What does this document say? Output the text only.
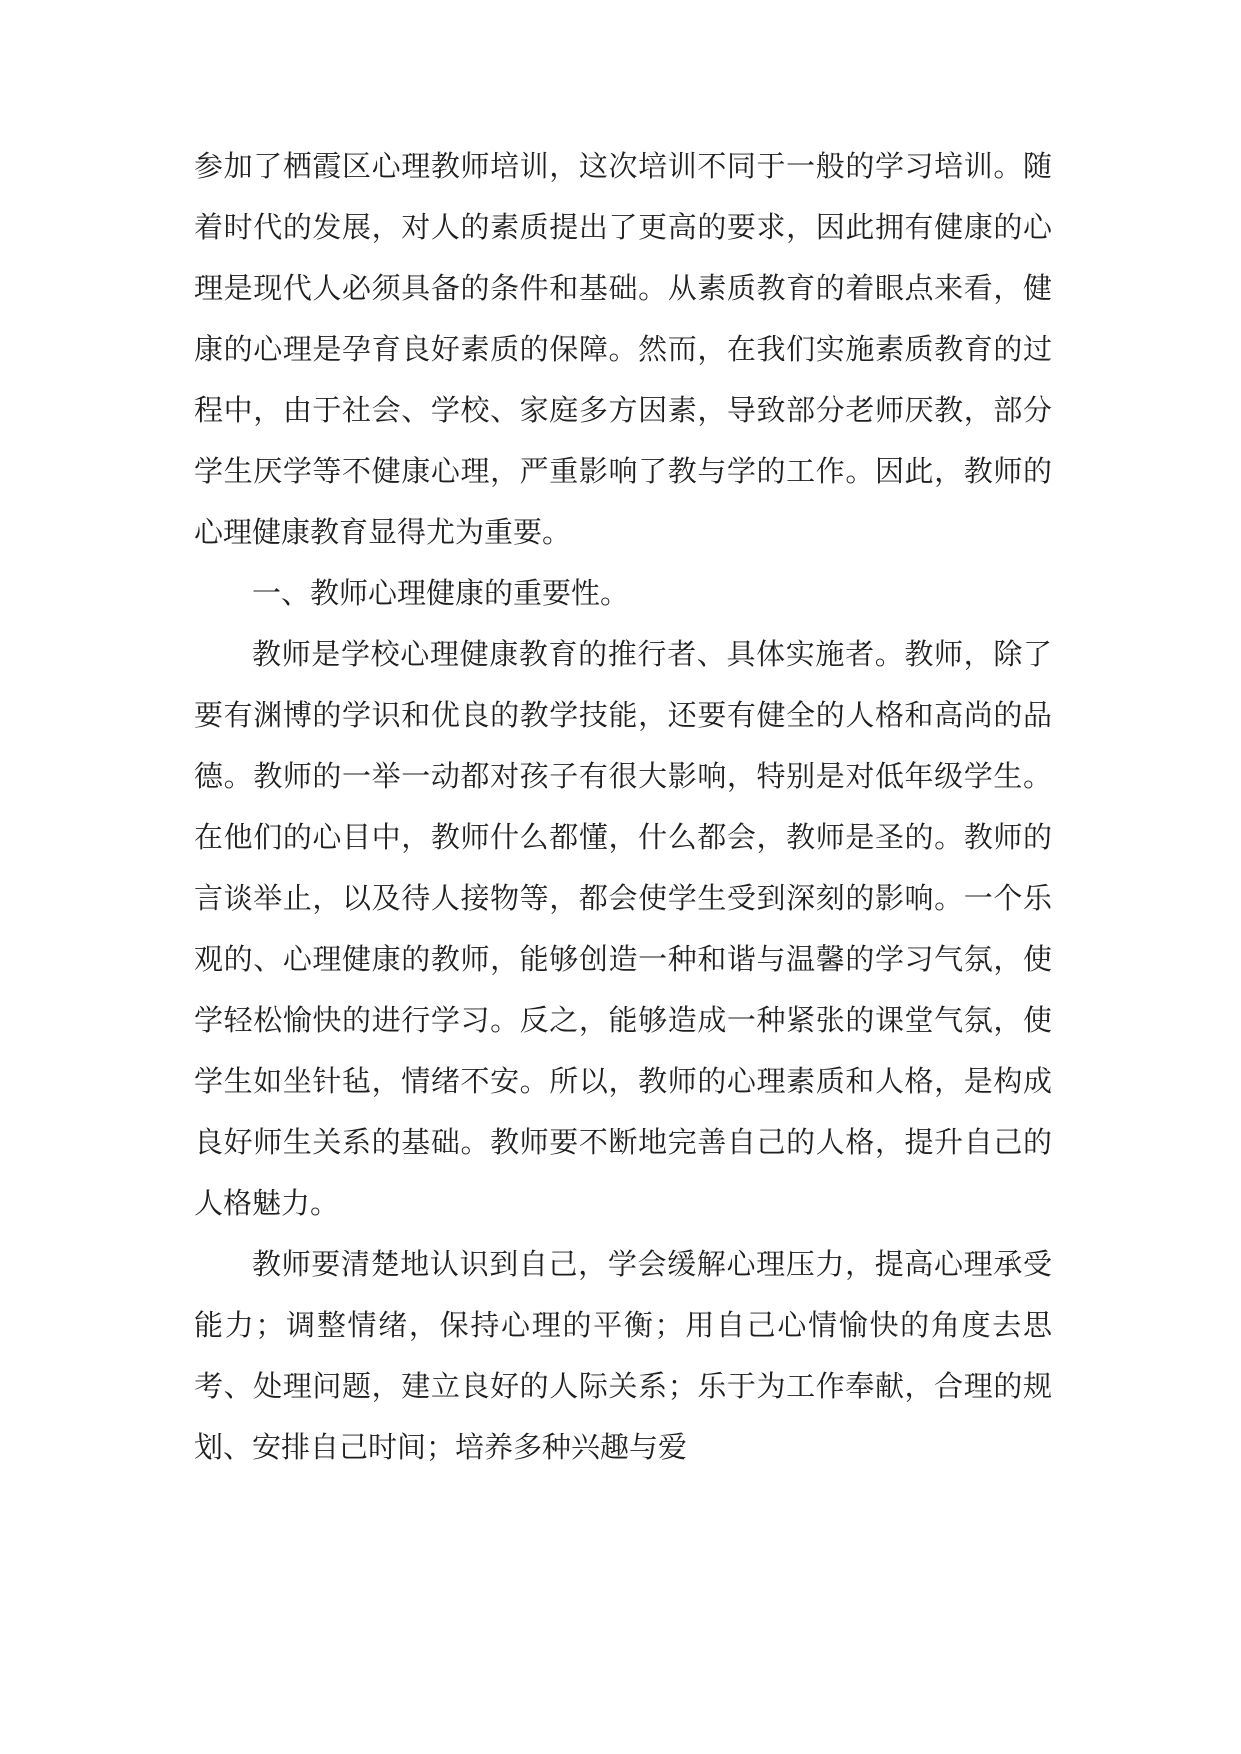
参加了栖霞区心理教师培训，这次培训不同于一般的学习培训。随着时代的发展，对人的素质提出了更高的要求，因此拥有健康的心理是现代人必须具备的条件和基础。从素质教育的着眼点来看，健康的心理是孕育良好素质的保障。然而，在我们实施素质教育的过程中，由于社会、学校、家庭多方因素，导致部分老师厌教，部分学生厌学等不健康心理，严重影响了教与学的工作。因此，教师的心理健康教育显得尤为重要。

一、教师心理健康的重要性。

教师是学校心理健康教育的推行者、具体实施者。教师，除了要有渊博的学识和优良的教学技能，还要有健全的人格和高尚的品德。教师的一举一动都对孩子有很大影响，特别是对低年级学生。在他们的心目中，教师什么都懂，什么都会，教师是圣的。教师的言谈举止，以及待人接物等，都会使学生受到深刻的影响。一个乐观的、心理健康的教师，能够创造一种和谐与温馨的学习气氛，使学轻松愉快的进行学习。反之，能够造成一种紧张的课堂气氛，使学生如坐针毡，情绪不安。所以，教师的心理素质和人格，是构成良好师生关系的基础。教师要不断地完善自己的人格，提升自己的人格魅力。

教师要清楚地认识到自己，学会缓解心理压力，提高心理承受能力；调整情绪，保持心理的平衡；用自己心情愉快的角度去思考、处理问题，建立良好的人际关系；乐于为工作奉献，合理的规划、安排自己时间；培养多种兴趣与爱
